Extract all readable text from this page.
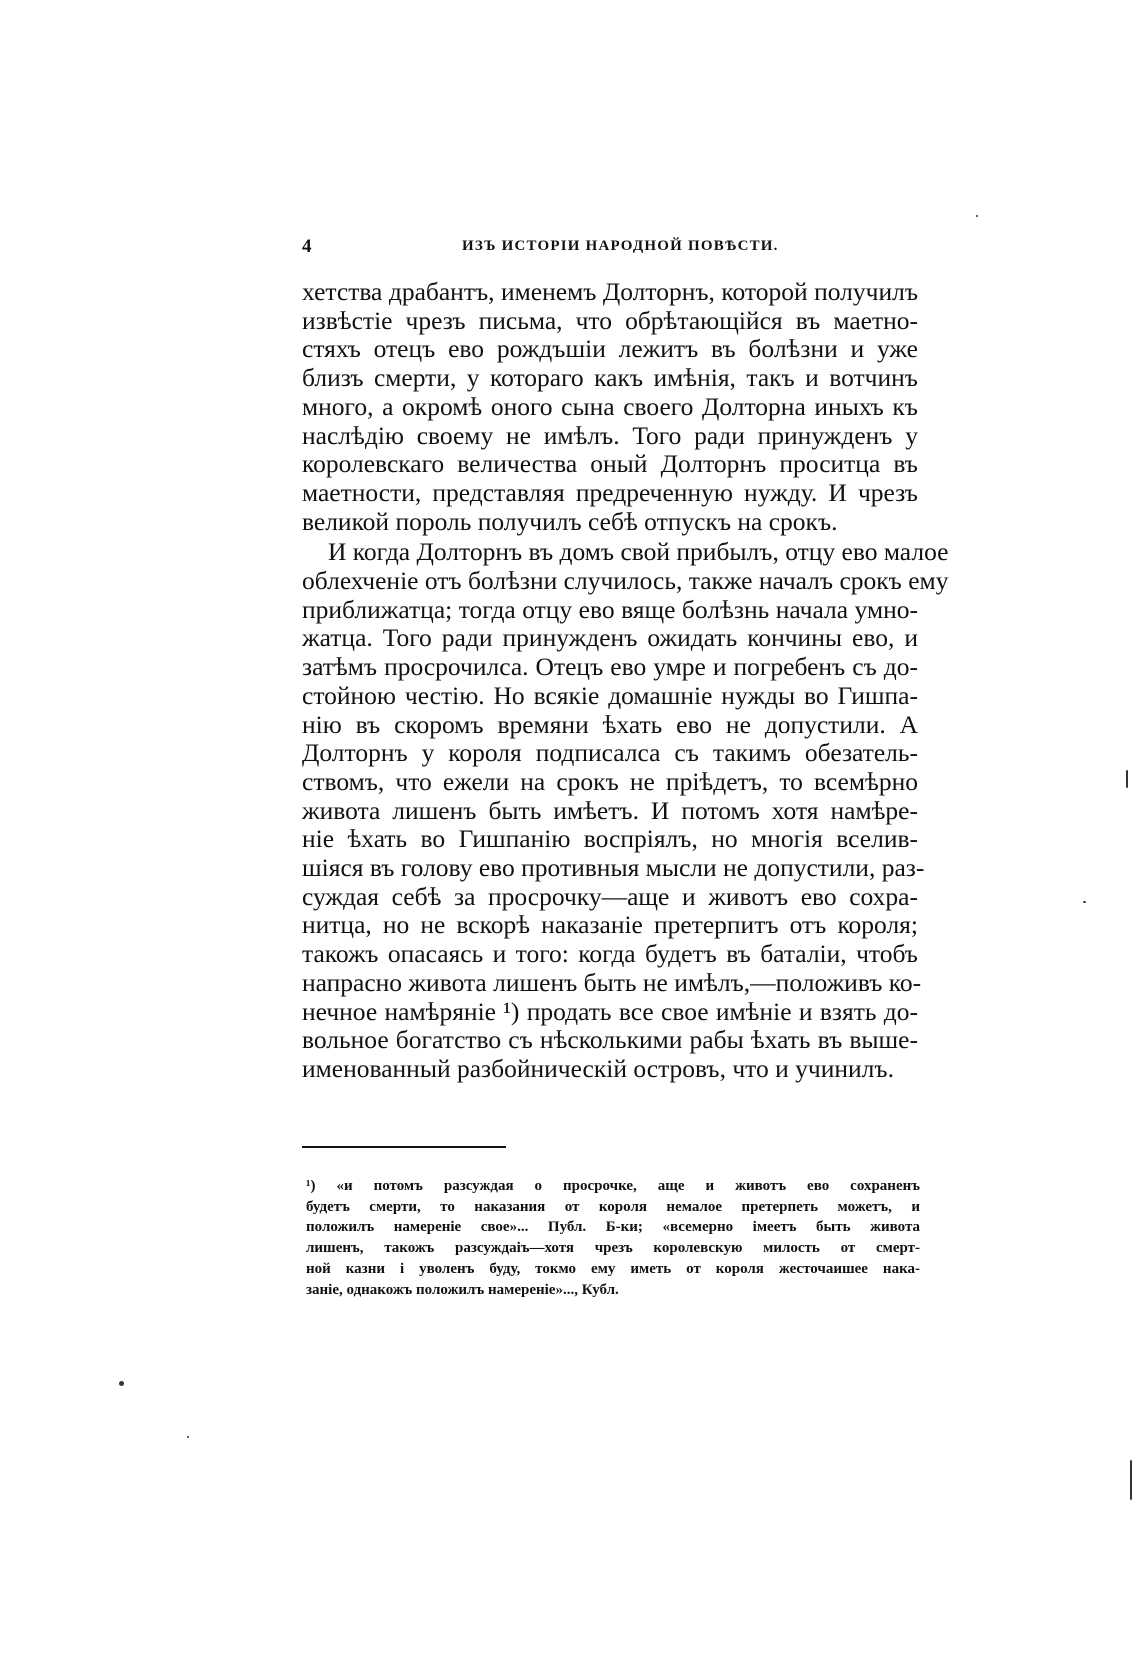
4	ИЗЪ ИСТОРІИ НАРОДНОЙ ПОВѢСТИ.
хетства драбантъ, именемъ Долторнъ, которой получилъ
извѣстіе чрезъ письма, что обрѣтающійся въ маетно-
стяхъ отецъ ево рождъшіи лежитъ въ болѣзни и уже
близъ смерти, у котораго какъ имѣнія, такъ и вотчинъ
много, а окромѣ оного сына своего Долторна иныхъ къ
наслѣдію своему не имѣлъ. Того ради принужденъ у
королевскаго величества оный Долторнъ проситца въ
маетности, представляя предреченную нужду. И чрезъ
великой пороль получилъ себѣ отпускъ на срокъ.
И когда Долторнъ въ домъ свой прибылъ, отцу ево малое
облехченіе отъ болѣзни случилось, также началъ срокъ ему
приближатца; тогда отцу ево вяще болѣзнь начала умно-
жатца. Того ради принужденъ ожидать кончины ево, и
затѣмъ просрочилса. Отецъ ево умре и погребенъ съ до-
стойною честію. Но всякіе домашніе нужды во Гишпа-
нію въ скоромъ времяни ѣхать ево не допустили. А
Долторнъ у короля подписалса съ такимъ обезатель-
ствомъ, что ежели на срокъ не пріѣдетъ, то всемѣрно
живота лишенъ быть имѣетъ. И потомъ хотя намѣре-
ніе ѣхать во Гишпанію воспріялъ, но многія вселив-
шіяся въ голову ево противныя мысли не допустили, раз-
суждая себѣ за просрочку—аще и животъ ево сохра-
нитца, но не вскорѣ наказаніе претерпитъ отъ короля;
такожъ опасаясь и того: когда будетъ въ баталіи, чтобъ
напрасно живота лишенъ быть не имѣлъ,—положивъ ко-
нечное намѣряніе ¹) продать все свое имѣніе и взять до-
вольное богатство съ нѣсколькими рабы ѣхать въ выше-
именованный разбойническій островъ, что и учинилъ.
¹) «и потомъ разсуждая о просрочке, аще и животъ ево сохраненъ
будетъ смерти, то наказания от короля немалое претерпеть можетъ, и
положилъ намереніе свое»... Публ. Б-ки; «всемерно імеетъ быть живота
лишенъ, такожъ разсуждаіъ—хотя чрезъ королевскую милость от смерт-
ной казни і уволенъ буду, токмо ему иметь от короля жесточаишее нака-
заніе, однакожъ положилъ намереніе»..., Кубл.
